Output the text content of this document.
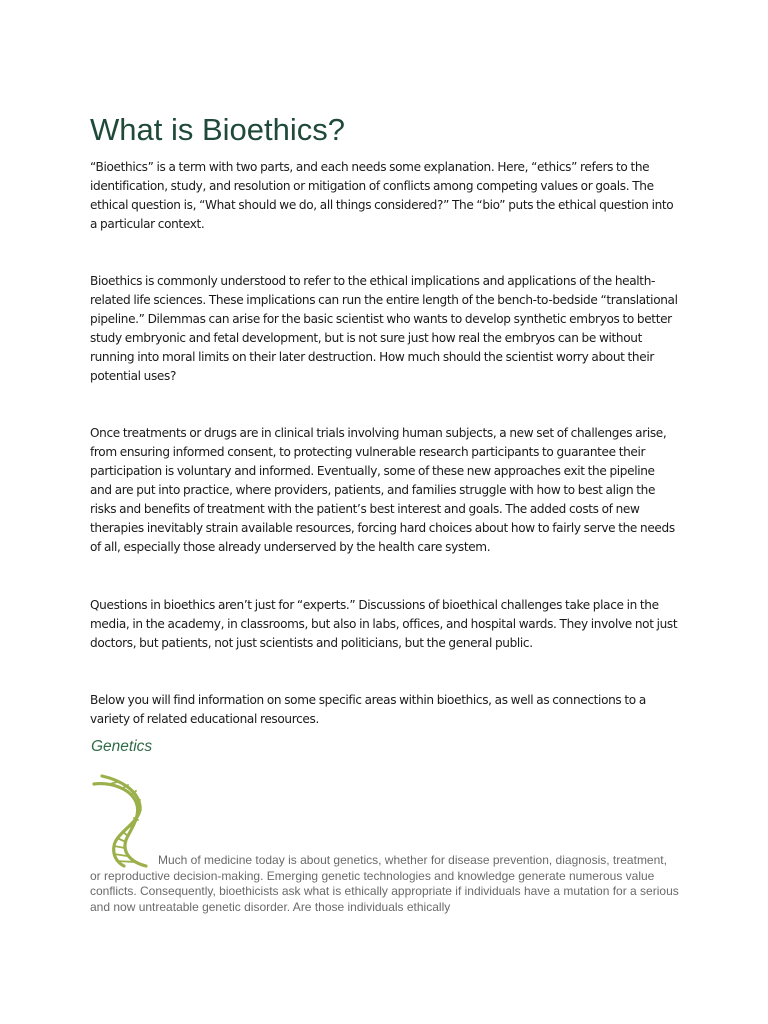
What is Bioethics?

“Bioethics” is a term with two parts, and each needs some explanation. Here, “ethics” refers to the identification, study, and resolution or mitigation of conflicts among competing values or goals. The ethical question is, “What should we do, all things considered?” The “bio” puts the ethical question into a particular context.

Bioethics is commonly understood to refer to the ethical implications and applications of the health-related life sciences. These implications can run the entire length of the bench-to-bedside “translational pipeline.” Dilemmas can arise for the basic scientist who wants to develop synthetic embryos to better study embryonic and fetal development, but is not sure just how real the embryos can be without running into moral limits on their later destruction. How much should the scientist worry about their potential uses?

Once treatments or drugs are in clinical trials involving human subjects, a new set of challenges arise, from ensuring informed consent, to protecting vulnerable research participants to guarantee their participation is voluntary and informed. Eventually, some of these new approaches exit the pipeline and are put into practice, where providers, patients, and families struggle with how to best align the risks and benefits of treatment with the patient’s best interest and goals. The added costs of new therapies inevitably strain available resources, forcing hard choices about how to fairly serve the needs of all, especially those already underserved by the health care system.

Questions in bioethics aren’t just for “experts.” Discussions of bioethical challenges take place in the media, in the academy, in classrooms, but also in labs, offices, and hospital wards. They involve not just doctors, but patients, not just scientists and politicians, but the general public.

Below you will find information on some specific areas within bioethics, as well as connections to a variety of related educational resources.

Genetics

Much of medicine today is about genetics, whether for disease prevention, diagnosis, treatment, or reproductive decision-making. Emerging genetic technologies and knowledge generate numerous value conflicts. Consequently, bioethicists ask what is ethically appropriate if individuals have a mutation for a serious and now untreatable genetic disorder. Are those individuals ethically
